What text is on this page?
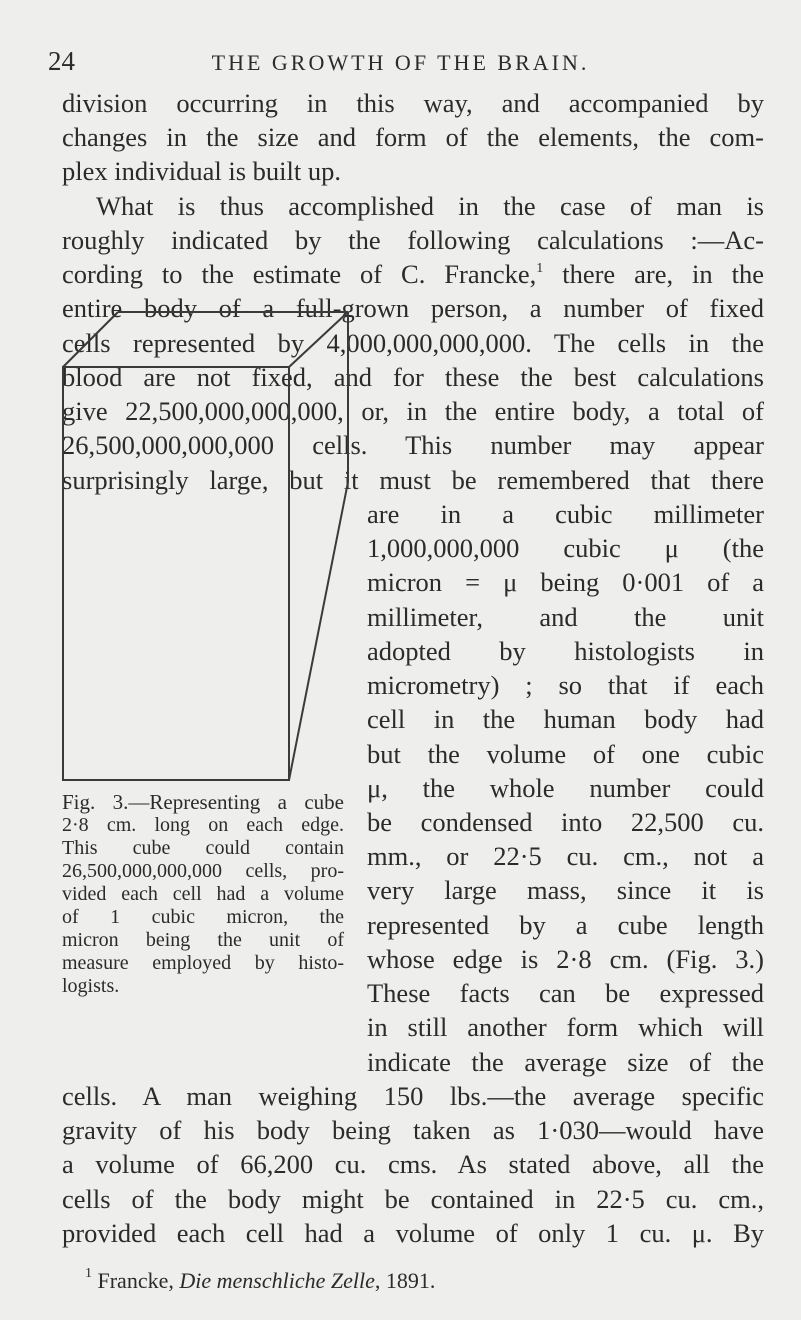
24	THE GROWTH OF THE BRAIN.
division occurring in this way, and accompanied by
changes in the size and form of the elements, the com-
plex individual is built up.
What is thus accomplished in the case of man is
roughly indicated by the following calculations :—Ac-
cording to the estimate of C. Francke,$^1$ there are, in the
entire body of a full-grown person, a number of fixed
cells represented by 4,000,000,000,000. The cells in the
blood are not fixed, and for these the best calculations
give 22,500,000,000,000, or, in the entire body, a total of
26,500,000,000,000 cells. This number may appear
surprisingly large, but it must be remembered that there
are in a cubic millimeter
1,000,000,000 cubic μ (the
micron = μ being 0·001 of a
millimeter, and the unit
adopted by histologists in
micrometry) ; so that if each
cell in the human body had
but the volume of one cubic
μ, the whole number could
be condensed into 22,500 cu.
mm., or 22·5 cu. cm., not a
very large mass, since it is
represented by a cube length
whose edge is 2·8 cm. (Fig. 3.)
These facts can be expressed
in still another form which will
indicate the average size of the
cells. A man weighing 150 lbs.—the average specific
gravity of his body being taken as 1·030—would have
a volume of 66,200 cu. cms. As stated above, all the
cells of the body might be contained in 22·5 cu. cm.,
provided each cell had a volume of only 1 cu. μ. By
Fig. 3.—Representing a cube
2·8 cm. long on each edge.
This cube could contain
26,500,000,000,000 cells, pro-
vided each cell had a volume
of 1 cubic micron, the
micron being the unit of
measure employed by histo-
logists.
$^1$ Francke, Die menschliche Zelle, 1891.
